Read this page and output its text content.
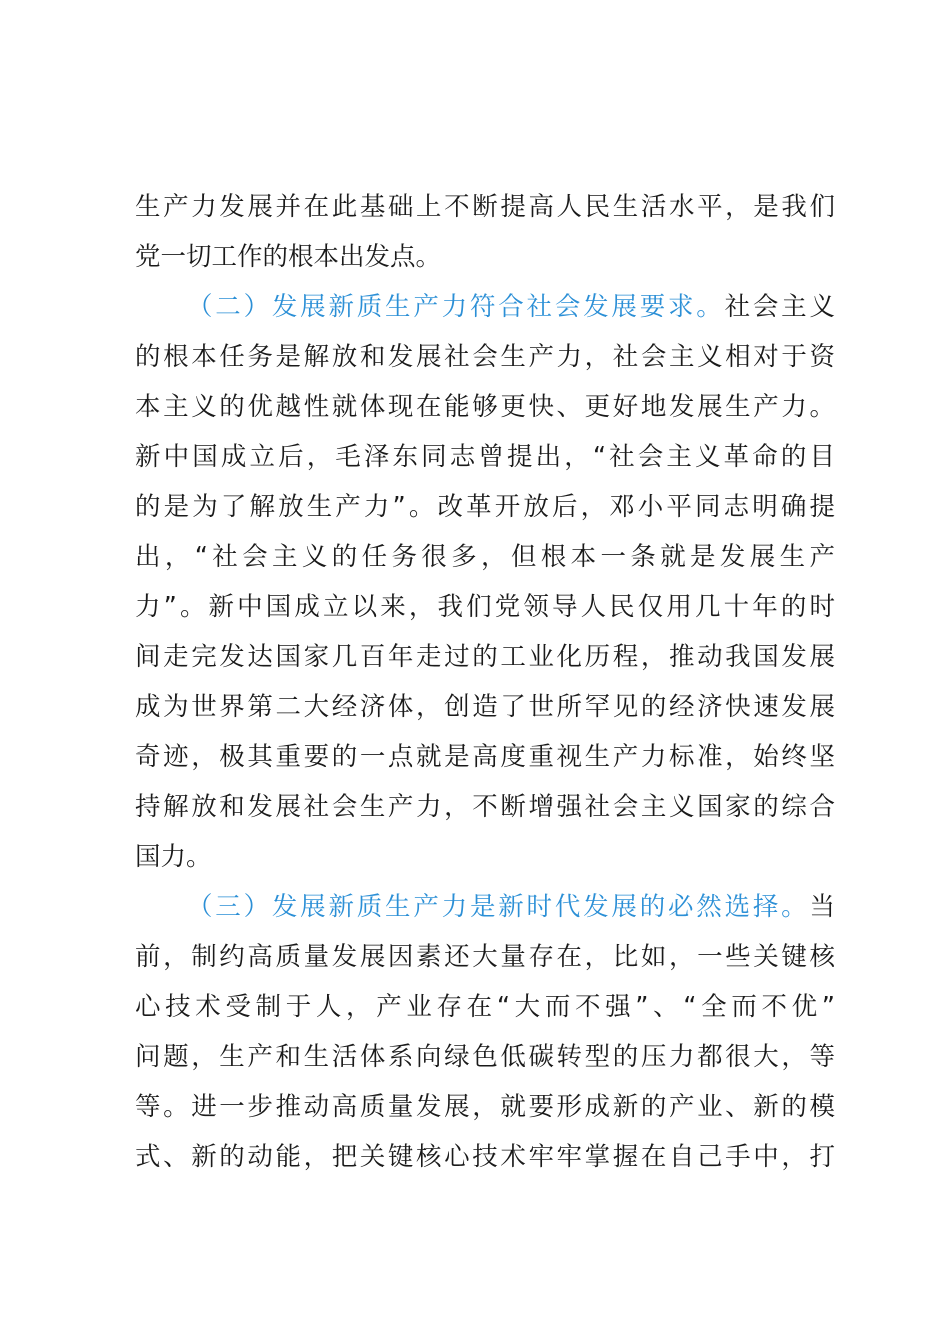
生产力发展并在此基础上不断提高人民生活水平，是我们
党一切工作的根本出发点。
（二）发展新质生产力符合社会发展要求。社会主义
的根本任务是解放和发展社会生产力，社会主义相对于资
本主义的优越性就体现在能够更快、更好地发展生产力。
新中国成立后，毛泽东同志曾提出，“社会主义革命的目
的是为了解放生产力”。改革开放后，邓小平同志明确提
出，“社会主义的任务很多，但根本一条就是发展生产
力”。新中国成立以来，我们党领导人民仅用几十年的时
间走完发达国家几百年走过的工业化历程，推动我国发展
成为世界第二大经济体，创造了世所罕见的经济快速发展
奇迹，极其重要的一点就是高度重视生产力标准，始终坚
持解放和发展社会生产力，不断增强社会主义国家的综合
国力。
（三）发展新质生产力是新时代发展的必然选择。当
前，制约高质量发展因素还大量存在，比如，一些关键核
心技术受制于人，产业存在“大而不强”、“全而不优”
问题，生产和生活体系向绿色低碳转型的压力都很大，等
等。进一步推动高质量发展，就要形成新的产业、新的模
式、新的动能，把关键核心技术牢牢掌握在自己手中，打
